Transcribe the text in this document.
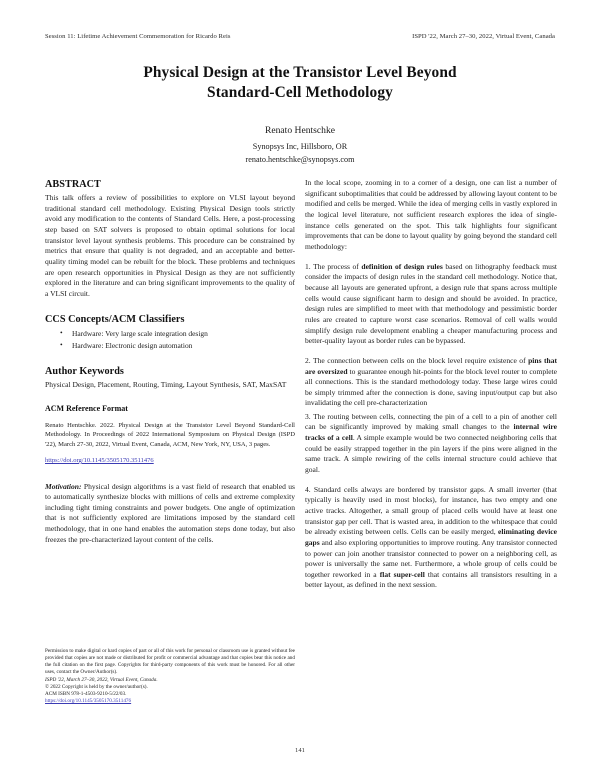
Session 11: Lifetime Achievement Commemoration for Ricardo Reis	ISPD '22, March 27–30, 2022, Virtual Event, Canada
Physical Design at the Transistor Level Beyond
Standard-Cell Methodology
Renato Hentschke
Synopsys Inc, Hillsboro, OR
renato.hentschke@synopsys.com
ABSTRACT

This talk offers a review of possibilities to explore on VLSI layout beyond traditional standard cell methodology. Existing Physical Design tools strictly avoid any modification to the contents of Standard Cells. Here, a post-processing step based on SAT solvers is proposed to obtain optimal solutions for local transistor level layout synthesis problems. This procedure can be constrained by metrics that ensure that quality is not degraded, and an acceptable and better-quality timing model can be rebuilt for the block. These problems and techniques are open research opportunities in Physical Design as they are not sufficiently explored in the literature and can bring significant improvements to the quality of a VLSI circuit.

CCS Concepts/ACM Classifiers
• Hardware: Very large scale integration design
• Hardware: Electronic design automation
Author Keywords

Physical Design, Placement, Routing, Timing, Layout Synthesis, SAT, MaxSAT

ACM Reference Format

Renato Hentschke. 2022. Physical Design at the Transistor Level Beyond Standard-Cell Methodology. In Proceedings of 2022 International Symposium on Physical Design (ISPD '22), March 27-30, 2022, Virtual Event, Canada, ACM, New York, NY, USA, 3 pages.

https://doi.org/10.1145/3505170.3511476

Motivation: Physical design algorithms is a vast field of research that enabled us to automatically synthesize blocks with millions of cells and extreme complexity including tight timing constraints and power budgets. One angle of optimization that is not sufficiently explored are limitations imposed by the standard cell methodology, that in one hand enables the automation steps done today, but also freezes the pre-characterized layout content of the cells.

Permission to make digital or hard copies of part or all of this work for personal or classroom use is granted without fee provided that copies are not made or distributed for profit or commercial advantage and that copies bear this notice and the full citation on the first page. Copyrights for third-party components of this work must be honored. For all other uses, contact the Owner/Author(s).
ISPD '22, March 27–30, 2022, Virtual Event, Canada.
© 2022 Copyright is held by the owner/author(s).
ACM ISBN 978-1-4503-9210-5/22/03.
https://doi.org/10.1145/3505170.3511476

In the local scope, zooming in to a corner of a design, one can list a number of significant suboptimalities that could be addressed by allowing layout content to be modified and cells be merged. While the idea of merging cells in vastly explored in the logical level literature, not sufficient research explores the idea of single-instance cells generated on the spot. This talk highlights four significant improvements that can be done to layout quality by going beyond the standard cell methodology:

1. The process of definition of design rules based on lithography feedback must consider the impacts of design rules in the standard cell methodology. Notice that, because all layouts are generated upfront, a design rule that spans across multiple cells would cause significant harm to design and should be avoided. In practice, design rules are simplified to meet with that methodology and pessimistic border rules are created to capture worst case scenarios. Removal of cell walls would simplify design rule development enabling a cheaper manufacturing process and better-quality layout as border rules can be bypassed.

2. The connection between cells on the block level require existence of pins that are oversized to guarantee enough hit-points for the block level router to complete all connections. This is the standard methodology today. These large wires could be simply trimmed after the connection is done, saving input/output cap but also invalidating the cell pre-characterization

3. The routing between cells, connecting the pin of a cell to a pin of another cell can be significantly improved by making small changes to the internal wire tracks of a cell. A simple example would be two connected neighboring cells that could be easily strapped together in the pin layers if the pins were aligned in the same track. A simple rewiring of the cells internal structure could achieve that goal.

4. Standard cells always are bordered by transistor gaps. A small inverter (that typically is heavily used in most blocks), for instance, has two empty and one active tracks. Altogether, a small group of placed cells would have at least one transistor gap per cell. That is wasted area, in addition to the whitespace that could be already existing between cells. Cells can be easily merged, eliminating device gaps and also exploring opportunities to improve routing. Any transistor connected to power can join another transistor connected to power on a neighboring cell, as power is universally the same net. Furthermore, a whole group of cells could be together reworked in a flat super-cell that contains all transistors resulting in a better layout, as defined in the next session.

141
